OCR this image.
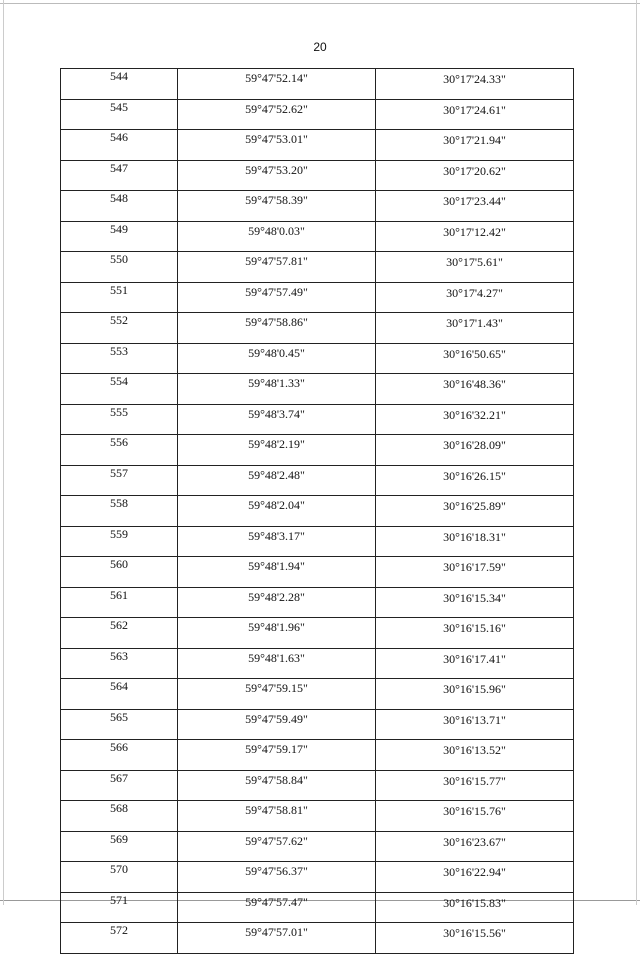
20
544	59°47'52.14"	30°17'24.33"
545	59°47'52.62"	30°17'24.61"
546	59°47'53.01"	30°17'21.94"
547	59°47'53.20"	30°17'20.62"
548	59°47'58.39"	30°17'23.44"
549	59°48'0.03"	30°17'12.42"
550	59°47'57.81"	30°17'5.61"
551	59°47'57.49"	30°17'4.27"
552	59°47'58.86"	30°17'1.43"
553	59°48'0.45"	30°16'50.65"
554	59°48'1.33"	30°16'48.36"
555	59°48'3.74"	30°16'32.21"
556	59°48'2.19"	30°16'28.09"
557	59°48'2.48"	30°16'26.15"
558	59°48'2.04"	30°16'25.89"
559	59°48'3.17"	30°16'18.31"
560	59°48'1.94"	30°16'17.59"
561	59°48'2.28"	30°16'15.34"
562	59°48'1.96"	30°16'15.16"
563	59°48'1.63"	30°16'17.41"
564	59°47'59.15"	30°16'15.96"
565	59°47'59.49"	30°16'13.71"
566	59°47'59.17"	30°16'13.52"
567	59°47'58.84"	30°16'15.77"
568	59°47'58.81"	30°16'15.76"
569	59°47'57.62"	30°16'23.67"
570	59°47'56.37"	30°16'22.94"
571	59°47'57.47"	30°16'15.83"
572	59°47'57.01"	30°16'15.56"
